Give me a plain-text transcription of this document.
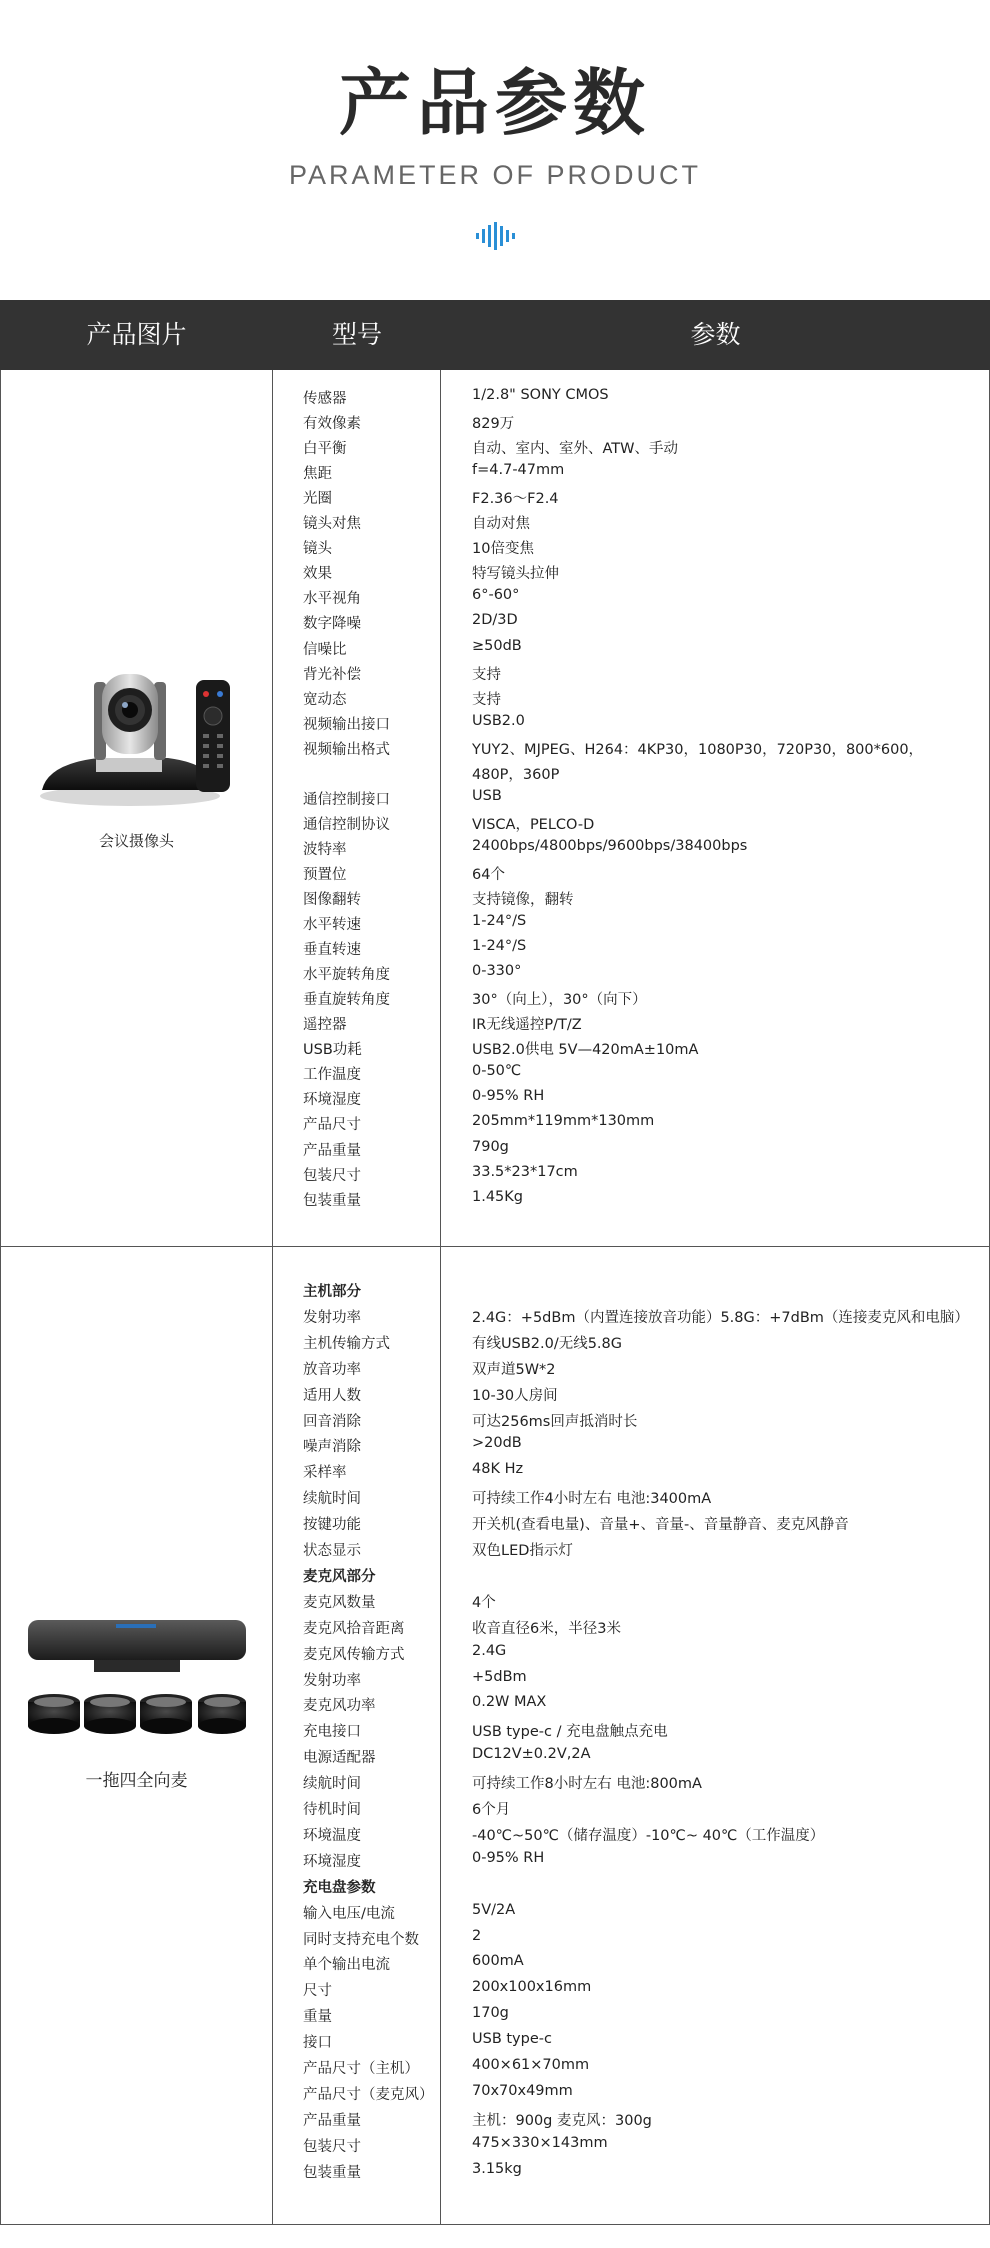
产品参数
PARAMETER OF PRODUCT
产品图片	型号	参数
会议摄像头
一拖四全向麦
传感器	1/2.8" SONY CMOS
有效像素	829万
白平衡	自动、室内、室外、ATW、手动
焦距	f=4.7-47mm
光圈	F2.36～F2.4
镜头对焦	自动对焦
镜头	10倍变焦
效果	特写镜头拉伸
水平视角	6°-60°
数字降噪	2D/3D
信噪比	≥50dB
背光补偿	支持
宽动态	支持
视频输出接口	USB2.0
视频输出格式	YUY2、MJPEG、H264：4KP30，1080P30，720P30，800*600，
480P，360P
通信控制接口	USB
通信控制协议	VISCA，PELCO-D
波特率	2400bps/4800bps/9600bps/38400bps
预置位	64个
图像翻转	支持镜像，翻转
水平转速	1-24°/S
垂直转速	1-24°/S
水平旋转角度	0-330°
垂直旋转角度	30°（向上），30°（向下）
遥控器	IR无线遥控P/T/Z
USB功耗	USB2.0供电 5V—420mA±10mA
工作温度	0-50℃
环境湿度	0-95% RH
产品尺寸	205mm*119mm*130mm
产品重量	790g
包装尺寸	33.5*23*17cm
包装重量	1.45Kg
主机部分
发射功率	2.4G：+5dBm（内置连接放音功能）5.8G：+7dBm（连接麦克风和电脑）
主机传输方式	有线USB2.0/无线5.8G
放音功率	双声道5W*2
适用人数	10-30人房间
回音消除	可达256ms回声抵消时长
噪声消除	>20dB
采样率	48K Hz
续航时间	可持续工作4小时左右 电池:3400mA
按键功能	开关机(查看电量)、音量+、音量-、音量静音、麦克风静音
状态显示	双色LED指示灯
麦克风部分
麦克风数量	4个
麦克风拾音距离	收音直径6米，半径3米
麦克风传输方式	2.4G
发射功率	+5dBm
麦克风功率	0.2W MAX
充电接口	USB type-c / 充电盘触点充电
电源适配器	DC12V±0.2V,2A
续航时间	可持续工作8小时左右 电池:800mA
待机时间	6个月
环境温度	-40℃~50℃（储存温度）-10℃~ 40℃（工作温度）
环境湿度	0-95% RH
充电盘参数
输入电压/电流	5V/2A
同时支持充电个数	2
单个输出电流	600mA
尺寸	200x100x16mm
重量	170g
接口	USB type-c
产品尺寸（主机）	400×61×70mm
产品尺寸（麦克风）	70x70x49mm
产品重量	主机：900g 麦克风：300g
包装尺寸	475×330×143mm
包装重量	3.15kg
